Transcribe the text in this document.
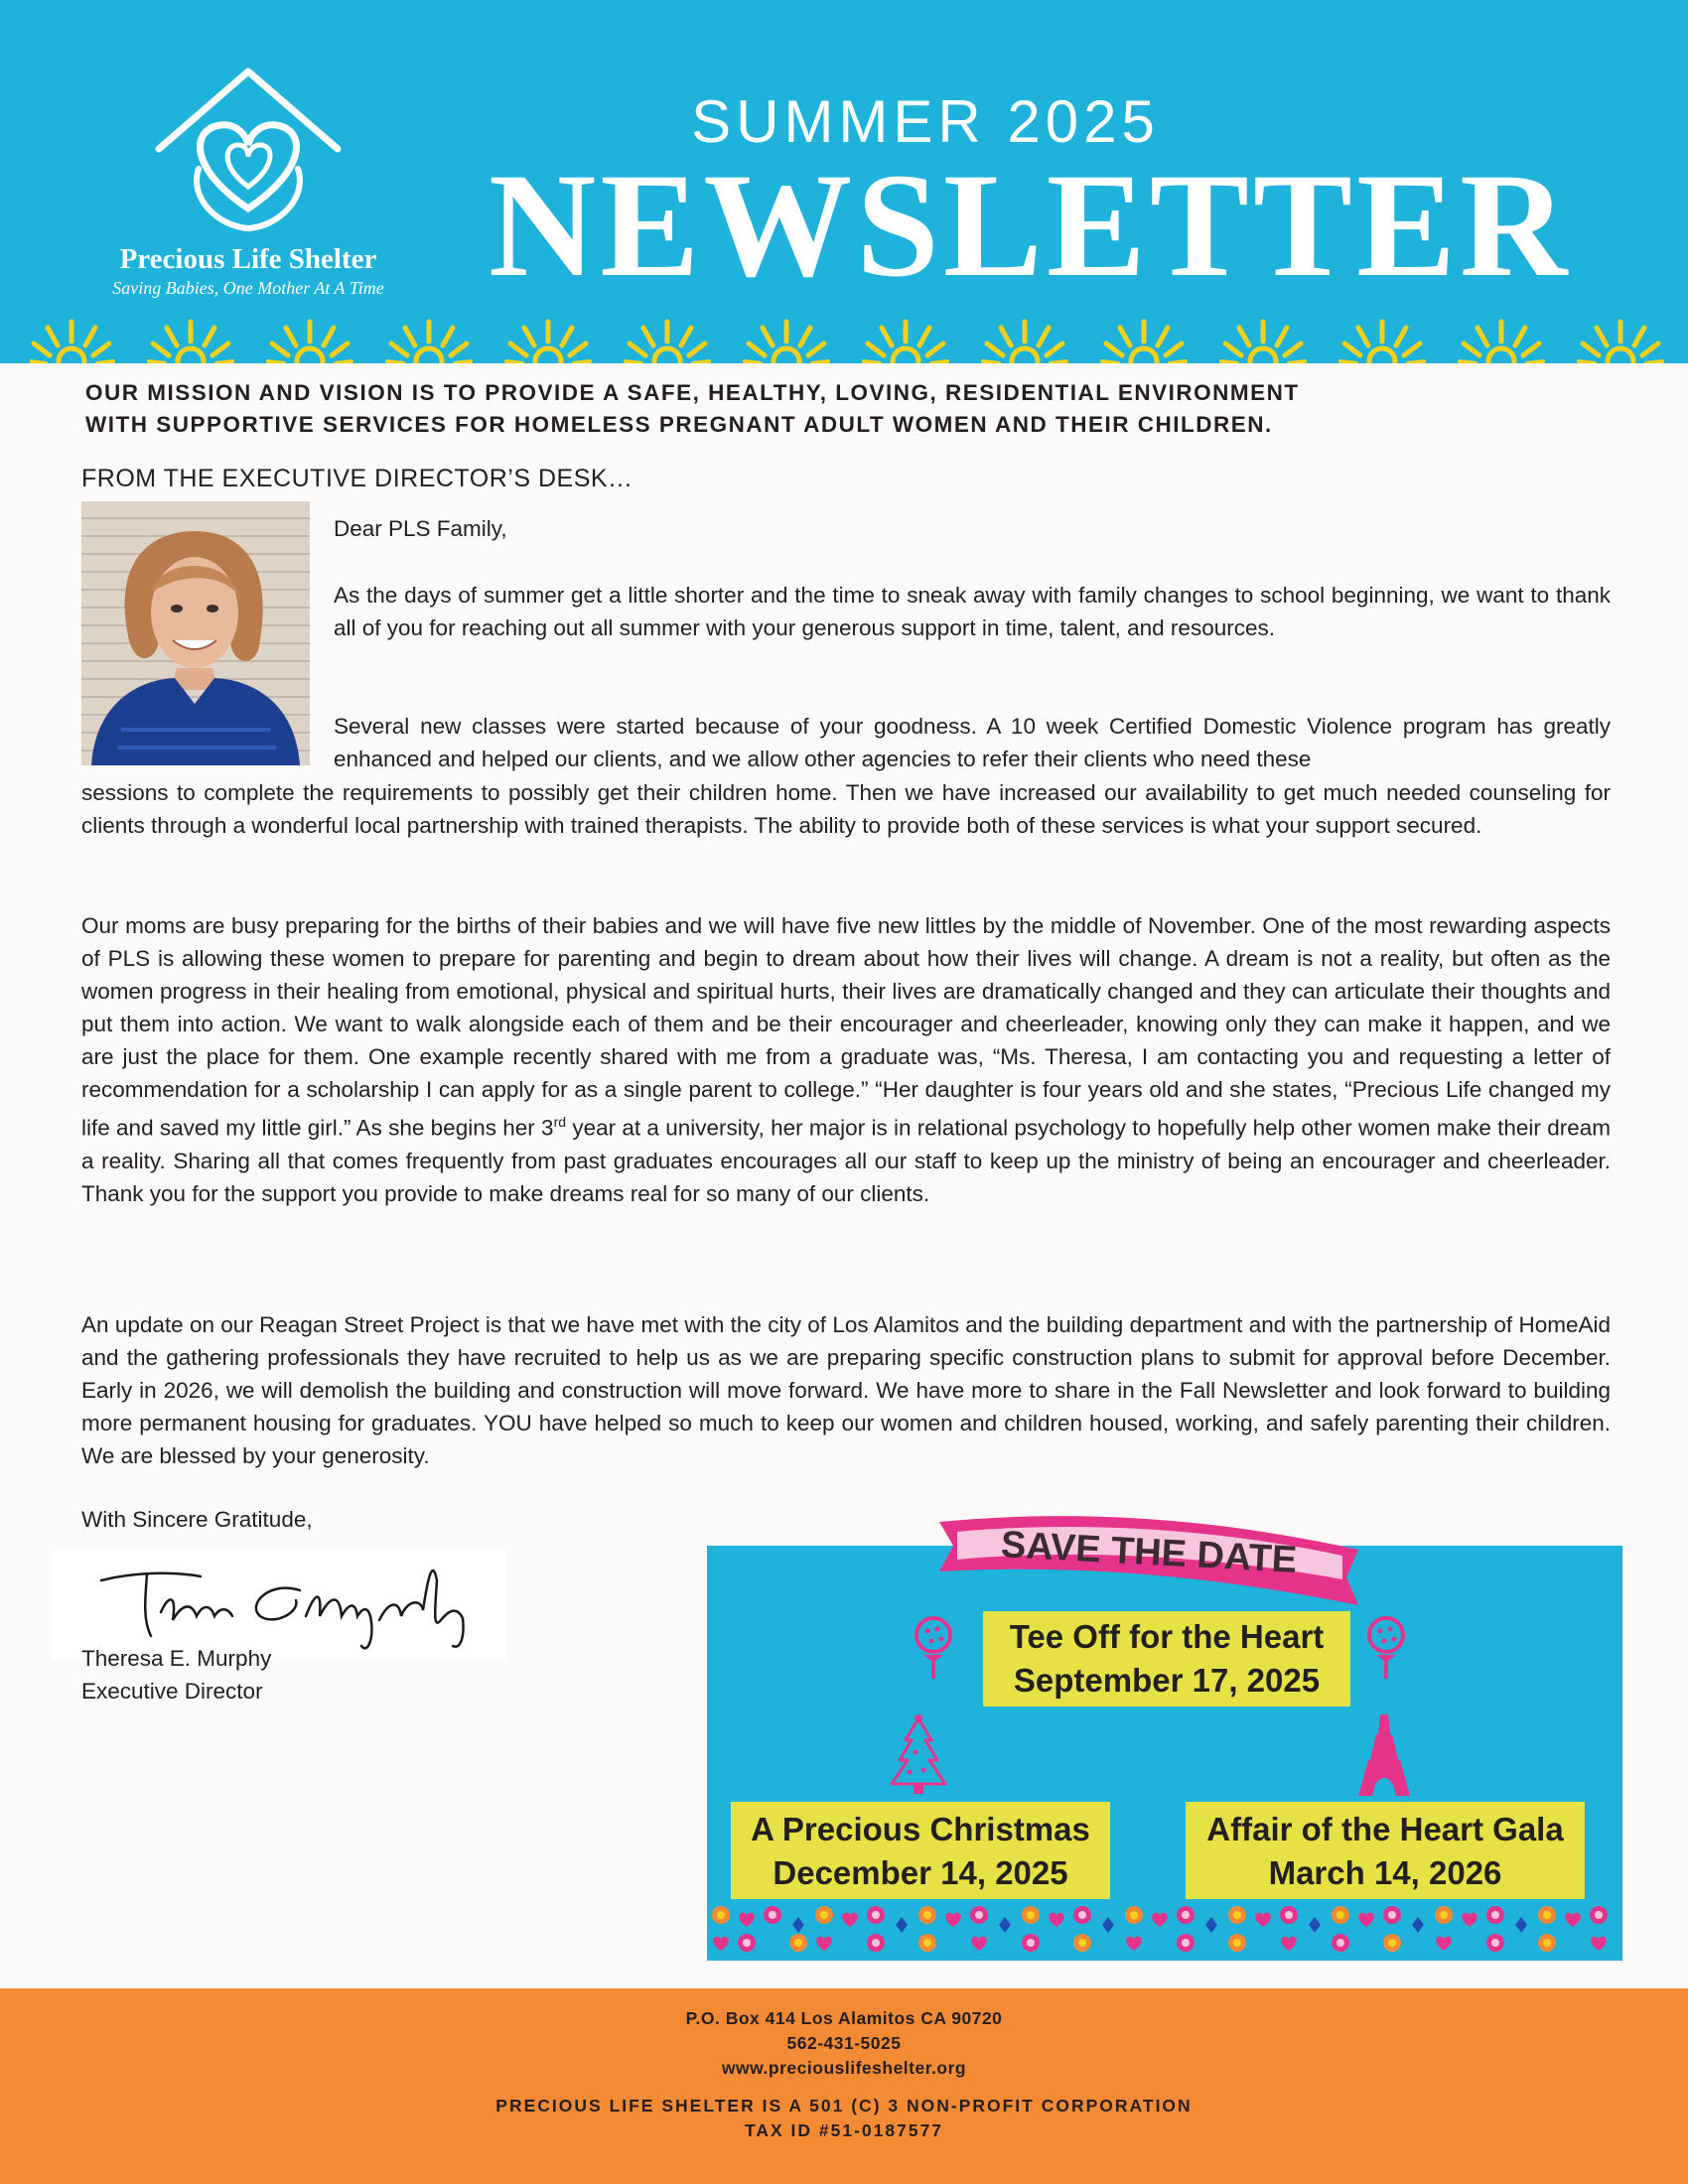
Precious Life Shelter
Saving Babies, One Mother At A Time
SUMMER 2025
NEWSLETTER
OUR MISSION AND VISION IS TO PROVIDE A SAFE, HEALTHY, LOVING, RESIDENTIAL ENVIRONMENT
WITH SUPPORTIVE SERVICES FOR HOMELESS PREGNANT ADULT WOMEN AND THEIR CHILDREN.
FROM THE EXECUTIVE DIRECTOR’S DESK…
Dear PLS Family,
As the days of summer get a little shorter and the time to sneak away with family changes to school beginning, we want to thank all of you for reaching out all summer with your generous support in time, talent, and resources.
Several new classes were started because of your goodness. A 10 week Certified Domestic Violence program has greatly enhanced and helped our clients, and we allow other agencies to refer their clients who need these
sessions to complete the requirements to possibly get their children home. Then we have increased our availability to get much needed counseling for clients through a wonderful local partnership with trained therapists. The ability to provide both of these services is what your support secured.
Our moms are busy preparing for the births of their babies and we will have five new littles by the middle of November. One of the most rewarding aspects of PLS is allowing these women to prepare for parenting and begin to dream about how their lives will change. A dream is not a reality, but often as the women progress in their healing from emotional, physical and spiritual hurts, their lives are dramatically changed and they can articulate their thoughts and put them into action. We want to walk alongside each of them and be their encourager and cheerleader, knowing only they can make it happen, and we are just the place for them. One example recently shared with me from a graduate was, “Ms. Theresa, I am contacting you and requesting a letter of recommendation for a scholarship I can apply for as a single parent to college.” “Her daughter is four years old and she states, “Precious Life changed my life and saved my little girl.” As she begins her 3rd year at a university, her major is in relational psychology to hopefully help other women make their dream a reality. Sharing all that comes frequently from past graduates encourages all our staff to keep up the ministry of being an encourager and cheerleader. Thank you for the support you provide to make dreams real for so many of our clients.
An update on our Reagan Street Project is that we have met with the city of Los Alamitos and the building department and with the partnership of HomeAid and the gathering professionals they have recruited to help us as we are preparing specific construction plans to submit for approval before December. Early in 2026, we will demolish the building and construction will move forward. We have more to share in the Fall Newsletter and look forward to building more permanent housing for graduates. YOU have helped so much to keep our women and children housed, working, and safely parenting their children. We are blessed by your generosity.
With Sincere Gratitude,
Theresa E. Murphy
Executive Director
SAVE THE DATE
Tee Off for the Heart
September 17, 2025
A Precious Christmas
December 14, 2025
Affair of the Heart Gala
March 14, 2026
P.O. Box 414 Los Alamitos CA 90720
562-431-5025
www.preciouslifeshelter.org
PRECIOUS LIFE SHELTER IS A 501 (C) 3 NON-PROFIT CORPORATION
TAX ID #51-0187577
